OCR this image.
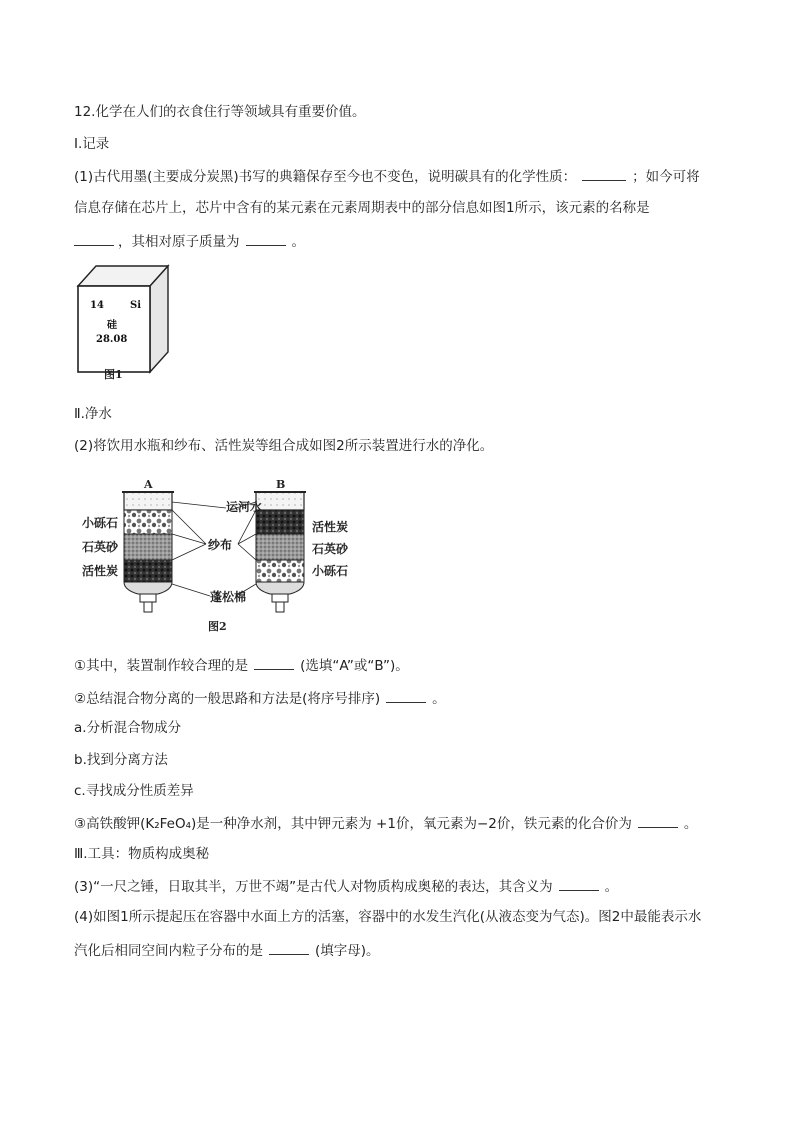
12.化学在人们的衣食住行等领域具有重要价值。
Ⅰ.记录
(1)古代用墨(主要成分炭黑)书写的典籍保存至今也不变色，说明碳具有的化学性质：	；如今可将
信息存储在芯片上，芯片中含有的某元素在元素周期表中的部分信息如图1所示，该元素的名称是
，其相对原子质量为	。
14	Si
硅
28.08
图1
Ⅱ.净水
(2)将饮用水瓶和纱布、活性炭等组合成如图2所示装置进行水的净化。
A	B
小砾石
石英砂
活性炭
运河水
纱布
蓬松棉
活性炭
石英砂
小砾石
图2
①其中，装置制作较合理的是	(选填“A”或“B”)。
②总结混合物分离的一般思路和方法是(将序号排序)	。
a.分析混合物成分
b.找到分离方法
c.寻找成分性质差异
③高铁酸钾(K₂FeO₄)是一种净水剂，其中钾元素为 +1价，氧元素为−2价，铁元素的化合价为	。
Ⅲ.工具：物质构成奥秘
(3)“一尺之锤，日取其半，万世不竭”是古代人对物质构成奥秘的表达，其含义为	。
(4)如图1所示提起压在容器中水面上方的活塞，容器中的水发生汽化(从液态变为气态)。图2中最能表示水
汽化后相同空间内粒子分布的是	(填字母)。
